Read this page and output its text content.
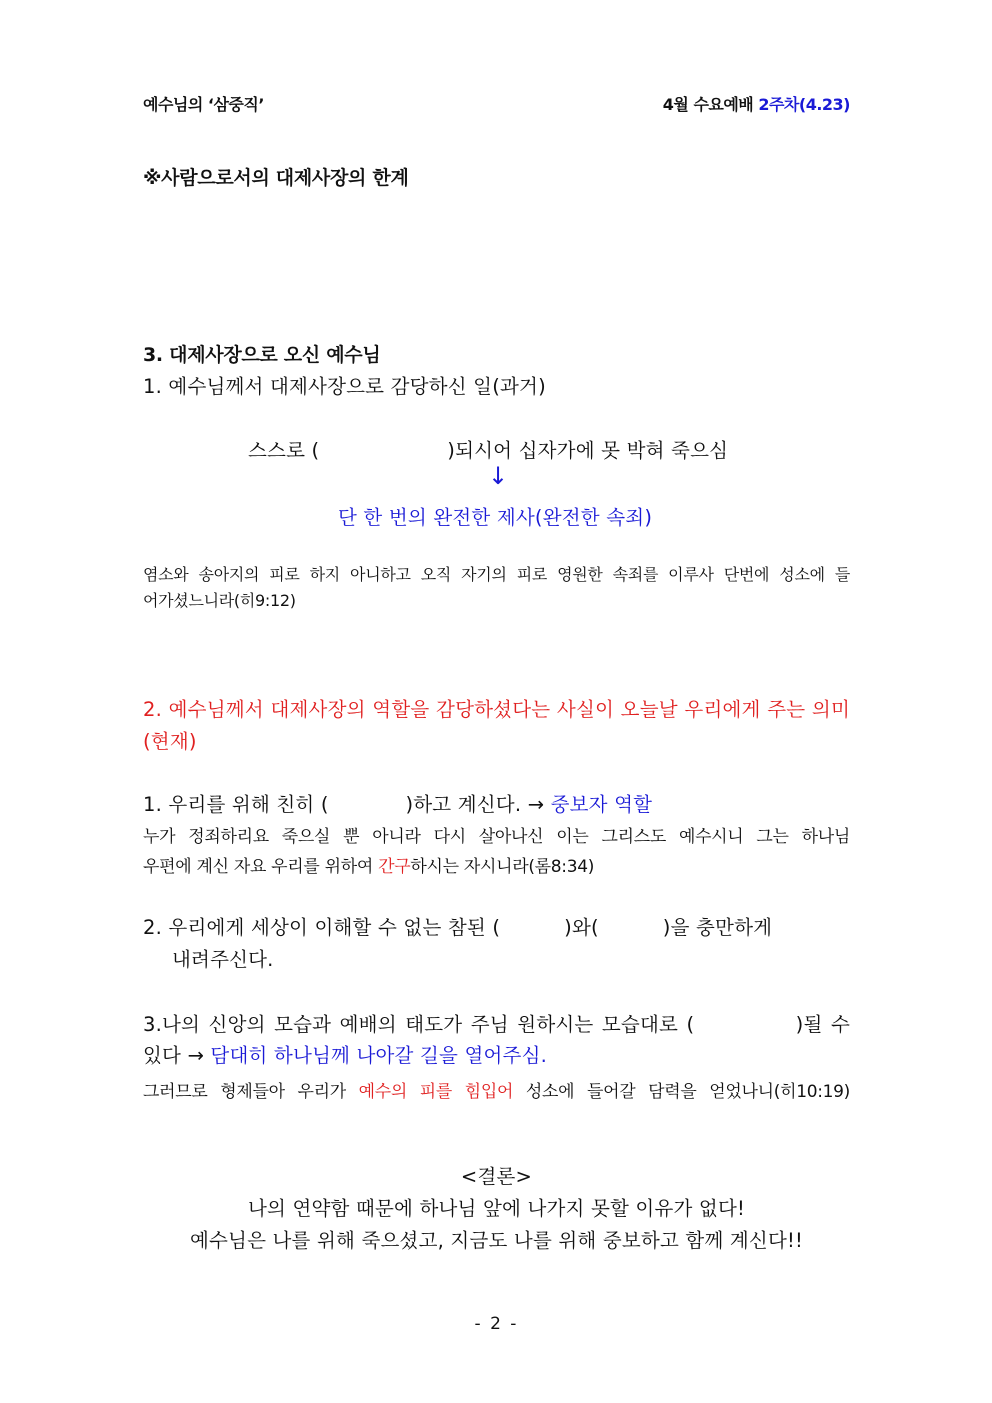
예수님의 ‘삼중직’	4월 수요예배 2주차(4.23)
※사람으로서의 대제사장의 한계
3. 대제사장으로 오신 예수님
1. 예수님께서 대제사장으로 감당하신 일(과거)
스스로 (                    )되시어 십자가에 못 박혀 죽으심
↓
단 한 번의 완전한 제사(완전한 속죄)
염소와 송아지의 피로 하지 아니하고 오직 자기의 피로 영원한 속죄를 이루사 단번에 성소에 들
어가셨느니라(히9:12)
2. 예수님께서 대제사장의 역할을 감당하셨다는 사실이 오늘날 우리에게 주는 의미
(현재)
1. 우리를 위해 친히 (            )하고 계신다. → 중보자 역할
누가 정죄하리요 죽으실 뿐 아니라 다시 살아나신 이는 그리스도 예수시니 그는 하나님
우편에 계신 자요 우리를 위하여 간구하시는 자시니라(롬8:34)
2. 우리에게 세상이 이해할 수 없는 참된 (          )와(          )을 충만하게
내려주신다.
3.나의 신앙의 모습과 예배의 태도가 주님 원하시는 모습대로 (            )될 수
있다 → 담대히 하나님께 나아갈 길을 열어주심.
그러므로 형제들아 우리가 예수의 피를 힘입어 성소에 들어갈 담력을 얻었나니(히10:19)
<결론>
나의 연약함 때문에 하나님 앞에 나가지 못할 이유가 없다!
예수님은 나를 위해 죽으셨고, 지금도 나를 위해 중보하고 함께 계신다!!
- 2 -
